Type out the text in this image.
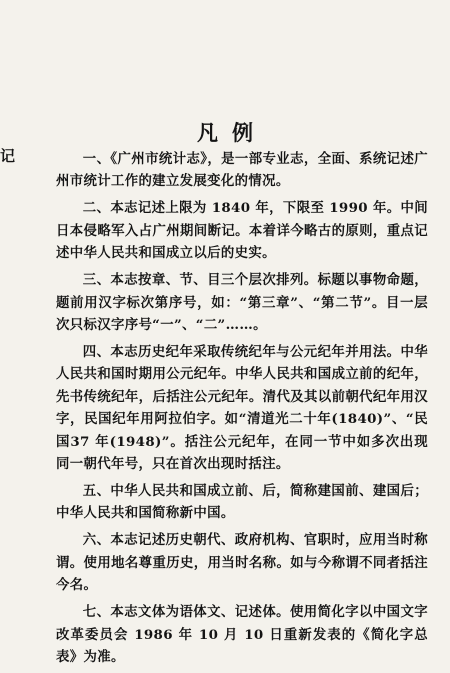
记
凡例

一、《广州市统计志》，是一部专业志，全面、系统记述广州市统计工作的建立发展变化的情况。

二、本志记述上限为 1840 年，下限至 1990 年。中间日本侵略军入占广州期间断记。本着详今略古的原则，重点记述中华人民共和国成立以后的史实。

三、本志按章、节、目三个层次排列。标题以事物命题，题前用汉字标次第序号，如：“第三章”、“第二节”。目一层次只标汉字序号“一”、“二”……。

四、本志历史纪年采取传统纪年与公元纪年并用法。中华人民共和国时期用公元纪年。中华人民共和国成立前的纪年，先书传统纪年，后括注公元纪年。清代及其以前朝代纪年用汉字，民国纪年用阿拉伯字。如“清道光二十年(1840)”、“民国37 年(1948)”。括注公元纪年，在同一节中如多次出现同一朝代年号，只在首次出现时括注。

五、中华人民共和国成立前、后，简称建国前、建国后；中华人民共和国简称新中国。

六、本志记述历史朝代、政府机构、官职时，应用当时称谓。使用地名尊重历史，用当时名称。如与今称谓不同者括注今名。

七、本志文体为语体文、记述体。使用简化字以中国文字改革委员会 1986 年 10 月 10 日重新发表的《简化字总表》为准。
